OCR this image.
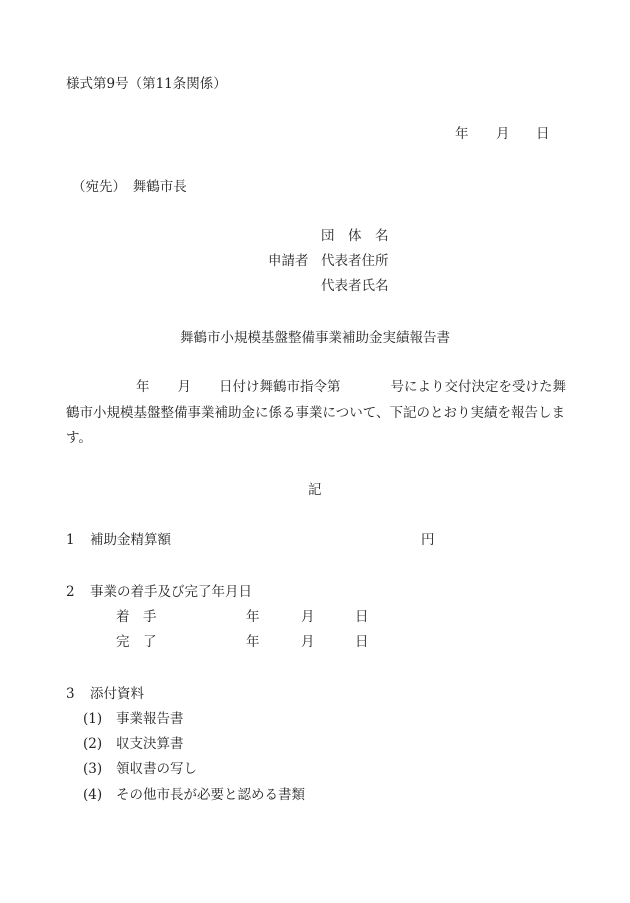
様式第9号（第11条関係）
年 月 日
（宛先）　舞鶴市長
団　体　名
申請者 代表者住所
代表者氏名
舞鶴市小規模基盤整備事業補助金実績報告書
年 月 日付け舞鶴市指令第	号により交付決定を受けた舞鶴市小規模基盤整備事業補助金に係る事業について、下記のとおり実績を報告します。
記
1 補助金精算額	円
2 事業の着手及び完了年月日
着　手	年	月	日
完　了	年	月	日
3 添付資料
(1) 事業報告書
(2) 収支決算書
(3) 領収書の写し
(4) その他市長が必要と認める書類
